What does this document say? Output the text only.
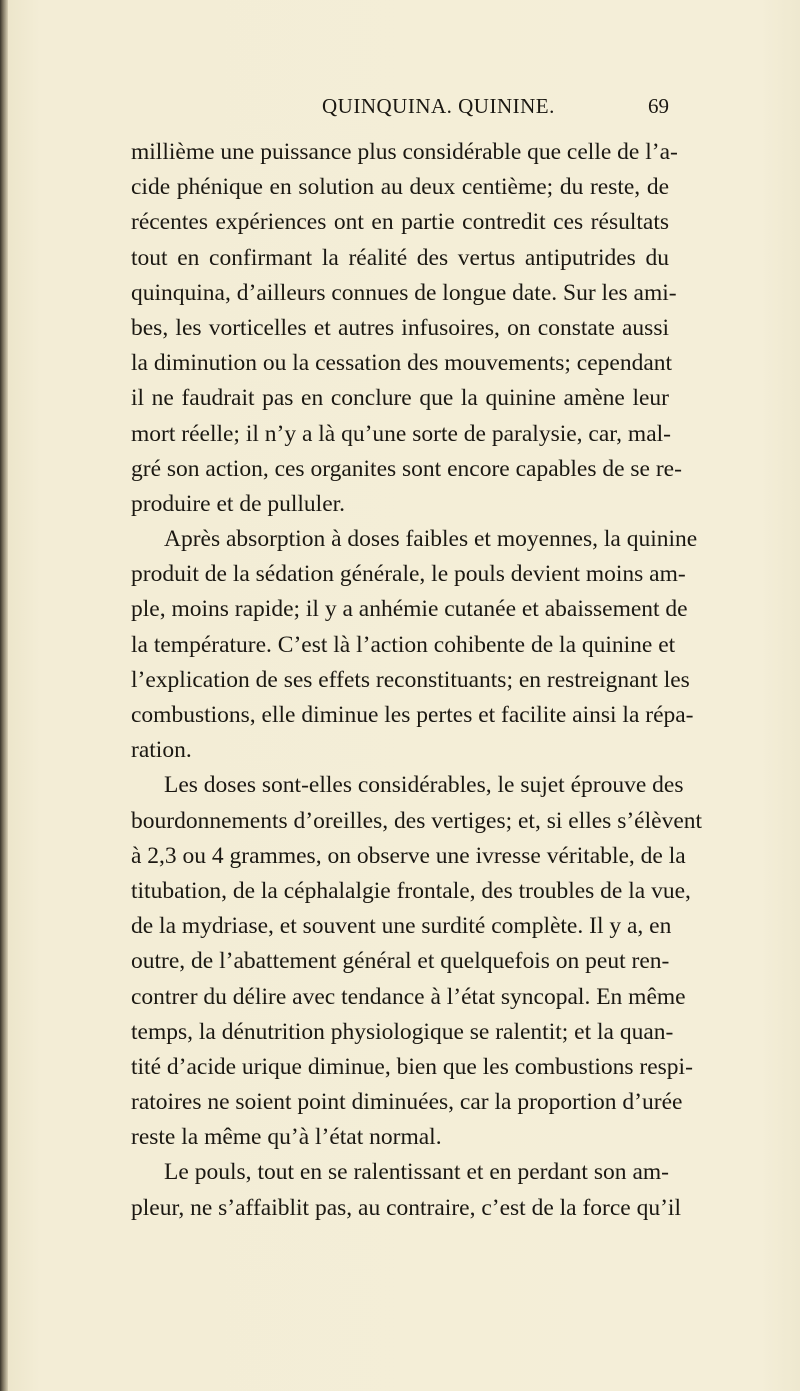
QUINQUINA. QUININE.	69
millième une puissance plus considérable que celle de l’a-
cide phénique en solution au deux centième; du reste, de
récentes expériences ont en partie contredit ces résultats
tout en confirmant la réalité des vertus antiputrides du
quinquina, d’ailleurs connues de longue date. Sur les ami-
bes, les vorticelles et autres infusoires, on constate aussi
la diminution ou la cessation des mouvements; cependant
il ne faudrait pas en conclure que la quinine amène leur
mort réelle; il n’y a là qu’une sorte de paralysie, car, mal-
gré son action, ces organites sont encore capables de se re-
produire et de pulluler.
Après absorption à doses faibles et moyennes, la quinine
produit de la sédation générale, le pouls devient moins am-
ple, moins rapide; il y a anhémie cutanée et abaissement de
la température. C’est là l’action cohibente de la quinine et
l’explication de ses effets reconstituants; en restreignant les
combustions, elle diminue les pertes et facilite ainsi la répa-
ration.
Les doses sont-elles considérables, le sujet éprouve des
bourdonnements d’oreilles, des vertiges; et, si elles s’élèvent
à 2,3 ou 4 grammes, on observe une ivresse véritable, de la
titubation, de la céphalalgie frontale, des troubles de la vue,
de la mydriase, et souvent une surdité complète. Il y a, en
outre, de l’abattement général et quelquefois on peut ren-
contrer du délire avec tendance à l’état syncopal. En même
temps, la dénutrition physiologique se ralentit; et la quan-
tité d’acide urique diminue, bien que les combustions respi-
ratoires ne soient point diminuées, car la proportion d’urée
reste la même qu’à l’état normal.
Le pouls, tout en se ralentissant et en perdant son am-
pleur, ne s’affaiblit pas, au contraire, c’est de la force qu’il
